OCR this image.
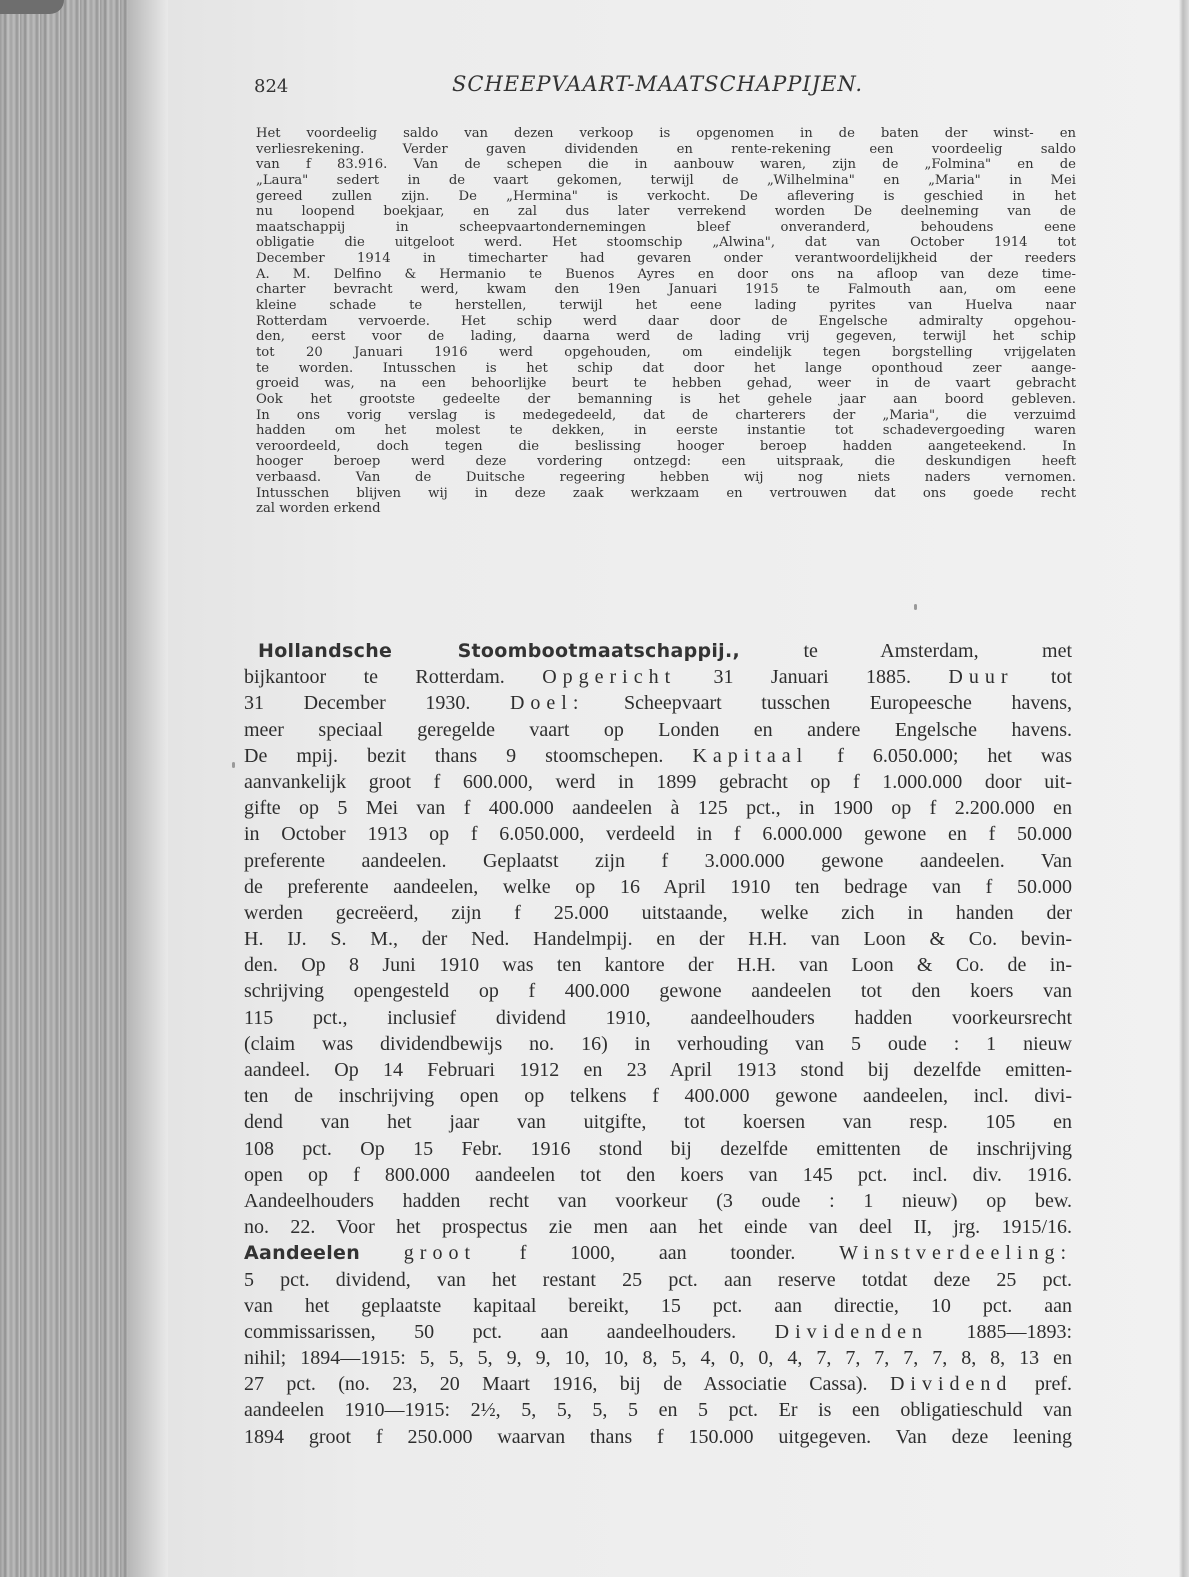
824	SCHEEPVAART-MAATSCHAPPIJEN.
Het voordeelig saldo van dezen verkoop is opgenomen in de baten der winst- en
verliesrekening. Verder gaven dividenden en rente-rekening een voordeelig saldo
van f 83.916. Van de schepen die in aanbouw waren, zijn de „Folmina" en de
„Laura" sedert in de vaart gekomen, terwijl de „Wilhelmina" en „Maria" in Mei
gereed zullen zijn. De „Hermina" is verkocht. De aflevering is geschied in het
nu loopend boekjaar, en zal dus later verrekend worden De deelneming van de
maatschappij in scheepvaartondernemingen bleef onveranderd, behoudens eene
obligatie die uitgeloot werd. Het stoomschip „Alwina", dat van October 1914 tot
December 1914 in timecharter had gevaren onder verantwoordelijkheid der reeders
A. M. Delfino & Hermanio te Buenos Ayres en door ons na afloop van deze time-
charter bevracht werd, kwam den 19en Januari 1915 te Falmouth aan, om eene
kleine schade te herstellen, terwijl het eene lading pyrites van Huelva naar
Rotterdam vervoerde. Het schip werd daar door de Engelsche admiralty opgehou-
den, eerst voor de lading, daarna werd de lading vrij gegeven, terwijl het schip
tot 20 Januari 1916 werd opgehouden, om eindelijk tegen borgstelling vrijgelaten
te worden. Intusschen is het schip dat door het lange oponthoud zeer aange-
groeid was, na een behoorlijke beurt te hebben gehad, weer in de vaart gebracht
Ook het grootste gedeelte der bemanning is het gehele jaar aan boord gebleven.
In ons vorig verslag is medegedeeld, dat de charterers der „Maria", die verzuimd
hadden om het molest te dekken, in eerste instantie tot schadevergoeding waren
veroordeeld, doch tegen die beslissing hooger beroep hadden aangeteekend. In
hooger beroep werd deze vordering ontzegd: een uitspraak, die deskundigen heeft
verbaasd. Van de Duitsche regeering hebben wij nog niets naders vernomen.
Intusschen blijven wij in deze zaak werkzaam en vertrouwen dat ons goede recht
zal worden erkend
Hollandsche Stoombootmaatschappij.,	te Amsterdam, met
bijkantoor te Rotterdam. Opgericht 31 Januari 1885. Duur tot
31 December 1930. Doel: Scheepvaart tusschen Europeesche havens,
meer speciaal geregelde vaart op Londen en andere Engelsche havens.
De mpij. bezit thans 9 stoomschepen. Kapitaal f 6.050.000; het was
aanvankelijk groot f 600.000, werd in 1899 gebracht op f 1.000.000 door uit-
gifte op 5 Mei van f 400.000 aandeelen à 125 pct., in 1900 op f 2.200.000 en
in October 1913 op f 6.050.000, verdeeld in f 6.000.000 gewone en f 50.000
preferente aandeelen. Geplaatst zijn f 3.000.000 gewone aandeelen. Van
de preferente aandeelen, welke op 16 April 1910 ten bedrage van f 50.000
werden gecreëerd, zijn f 25.000 uitstaande, welke zich in handen der
H. IJ. S. M., der Ned. Handelmpij. en der H.H. van Loon & Co. bevin-
den. Op 8 Juni 1910 was ten kantore der H.H. van Loon & Co. de in-
schrijving opengesteld op f 400.000 gewone aandeelen tot den koers van
115 pct., inclusief dividend 1910, aandeelhouders hadden voorkeursrecht
(claim was dividendbewijs no. 16) in verhouding van 5 oude : 1 nieuw
aandeel. Op 14 Februari 1912 en 23 April 1913 stond bij dezelfde emitten-
ten de inschrijving open op telkens f 400.000 gewone aandeelen, incl. divi-
dend van het jaar van uitgifte, tot koersen van resp. 105 en
108 pct. Op 15 Febr. 1916 stond bij dezelfde emittenten de inschrijving
open op f 800.000 aandeelen tot den koers van 145 pct. incl. div. 1916.
Aandeelhouders hadden recht van voorkeur (3 oude : 1 nieuw) op bew.
no. 22. Voor het prospectus zie men aan het einde van deel II, jrg. 1915/16.
Aandeelen groot f 1000, aan toonder. Winstverdeeling:
5 pct. dividend, van het restant 25 pct. aan reserve totdat deze 25 pct.
van het geplaatste kapitaal bereikt, 15 pct. aan directie, 10 pct. aan
commissarissen, 50 pct. aan aandeelhouders. Dividenden 1885—1893:
nihil; 1894—1915: 5, 5, 5, 9, 9, 10, 10, 8, 5, 4, 0, 0, 4, 7, 7, 7, 7, 7, 8, 8, 13 en
27 pct. (no. 23, 20 Maart 1916, bij de Associatie Cassa). Dividend pref.
aandeelen 1910—1915: 2½, 5, 5, 5, 5 en 5 pct. Er is een obligatieschuld van
1894 groot f 250.000 waarvan thans f 150.000 uitgegeven. Van deze leening
